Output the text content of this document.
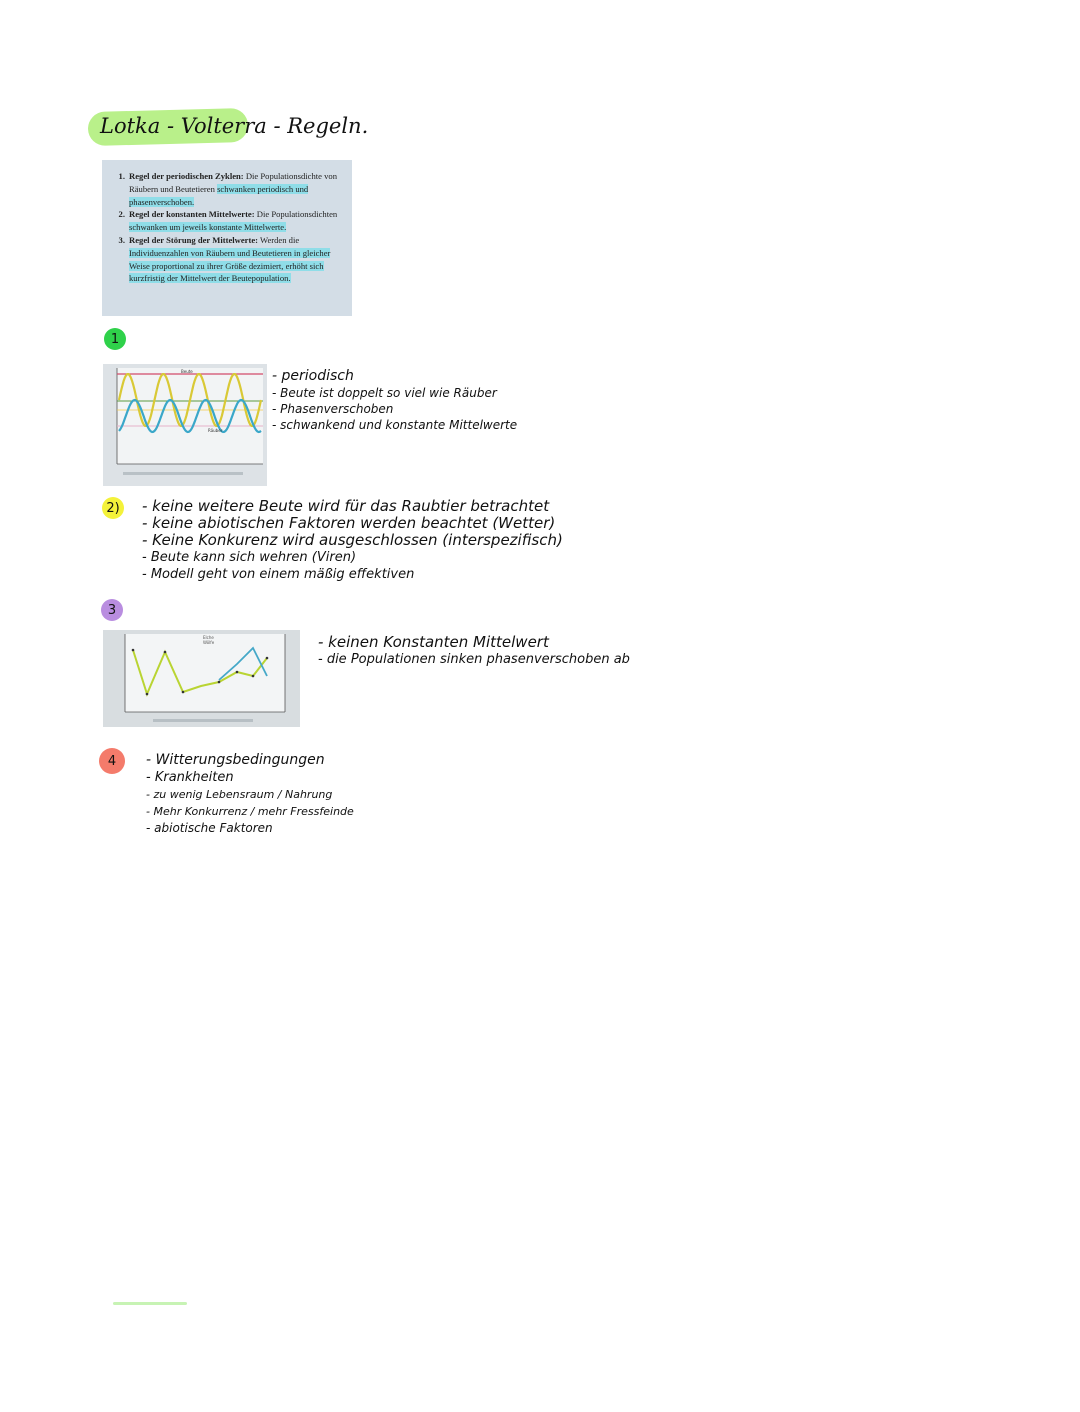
Lotka - Volterra - Regeln.
1. Regel der periodischen Zyklen: Die Populationsdichte von Räubern und Beutetieren schwanken periodisch und phasenverschoben.
2. Regel der konstanten Mittelwerte: Die Populationsdichten schwanken um jeweils konstante Mittelwerte.
3. Regel der Störung der Mittelwerte: Werden die Individuenzahlen von Räubern und Beutetieren in gleicher Weise proportional zu ihrer Größe dezimiert, erhöht sich kurzfristig der Mittelwert der Beutepopulation.
1
Beute
Räuber
- periodisch
- Beute ist doppelt so viel wie Räuber
- Phasenverschoben
- schwankend und konstante Mittelwerte
2) - keine weitere Beute wird für das Raubtier betrachtet
- keine abiotischen Faktoren werden beachtet (Wetter)
- Keine Konkurenz wird ausgeschlossen (interspezifisch)
- Beute kann sich wehren (Viren)
- Modell geht von einem mäßig effektiven
3
Elche
Wölfe	- keinen Konstanten Mittelwert
- die Populationen sinken phasenverschoben ab
4 - Witterungsbedingungen
- Krankheiten
- zu wenig Lebensraum / Nahrung
- Mehr Konkurrenz / mehr Fressfeinde
- abiotische Faktoren
